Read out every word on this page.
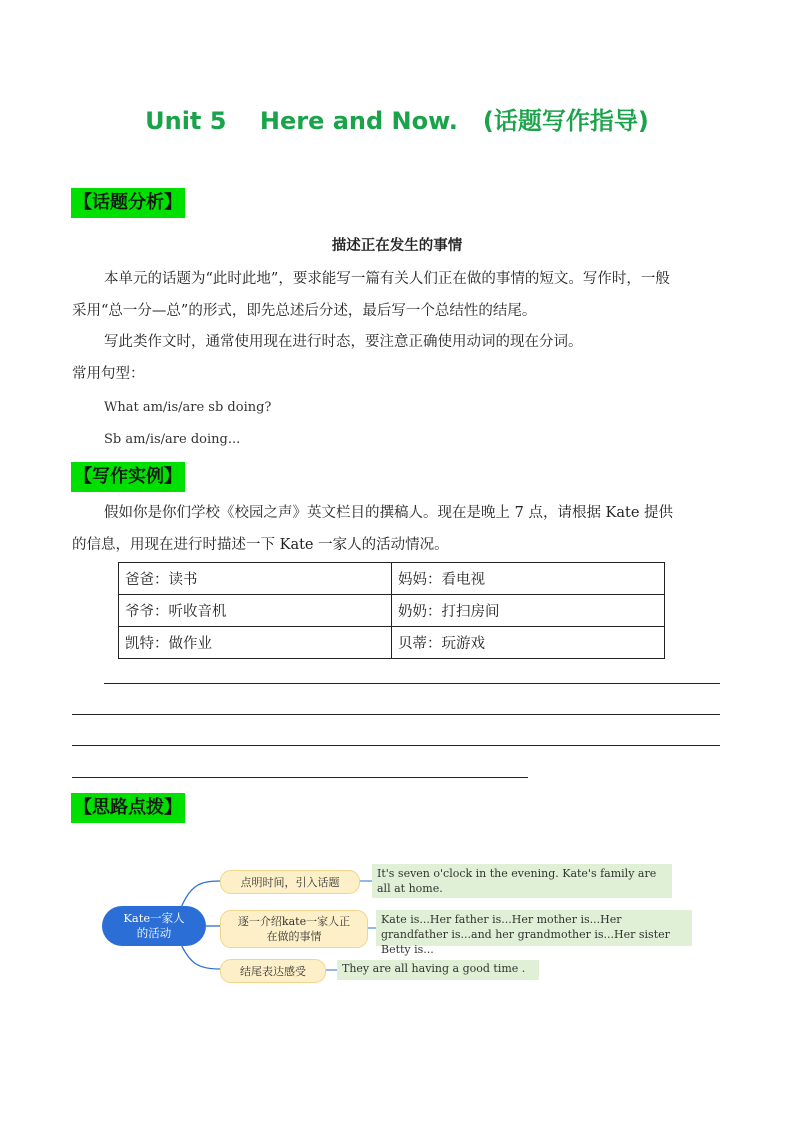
Unit 5    Here and Now.   (话题写作指导)
【话题分析】
描述正在发生的事情
本单元的话题为“此时此地”，要求能写一篇有关人们正在做的事情的短文。写作时，一般
采用“总一分—总”的形式，即先总述后分述，最后写一个总结性的结尾。
写此类作文时，通常使用现在进行时态，要注意正确使用动词的现在分词。
常用句型：
What am/is/are sb doing?
Sb am/is/are doing...
【写作实例】
假如你是你们学校《校园之声》英文栏目的撰稿人。现在是晚上 7 点，请根据 Kate 提供
的信息，用现在进行时描述一下 Kate 一家人的活动情况。
爸爸：读书	妈妈：看电视
爷爷：听收音机	奶奶：打扫房间
凯特：做作业	贝蒂：玩游戏
【思路点拨】
Kate一家人的活动
点明时间，引入话题
逐一介绍kate一家人正在做的事情
结尾表达感受
It's seven o'clock in the evening. Kate's family are all at home.
Kate is...Her father is...Her mother is...Her grandfather is...and her grandmother is...Her sister Betty is...
They are all having a good time .
